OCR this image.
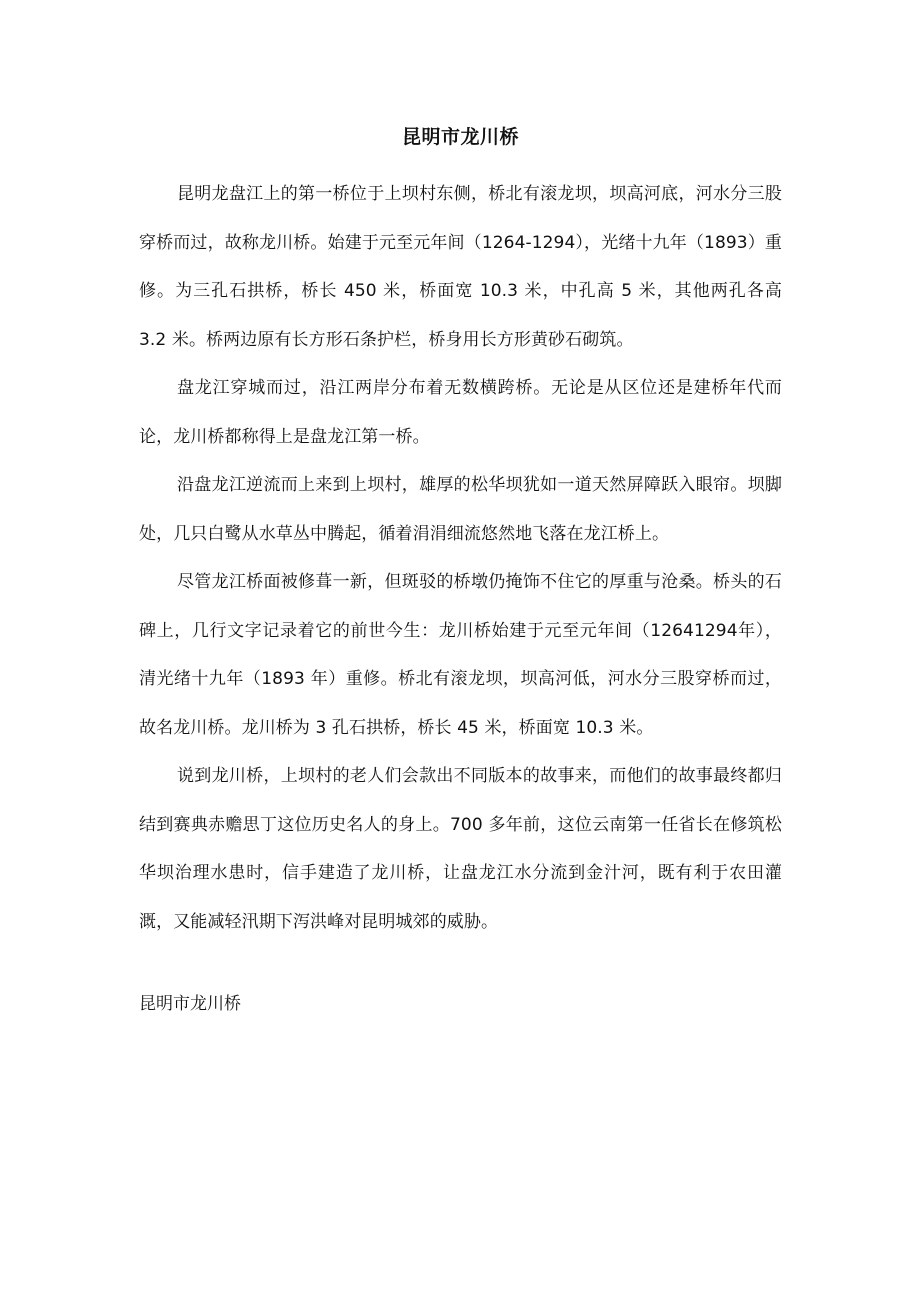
昆明市龙川桥

昆明龙盘江上的第一桥位于上坝村东侧，桥北有滚龙坝，坝高河底，河水分三股穿桥而过，故称龙川桥。始建于元至元年间（1264-1294），光绪十九年（1893）重修。为三孔石拱桥，桥长 450 米，桥面宽 10.3 米，中孔高 5 米，其他两孔各高 3.2 米。桥两边原有长方形石条护栏，桥身用长方形黄砂石砌筑。

盘龙江穿城而过，沿江两岸分布着无数横跨桥。无论是从区位还是建桥年代而论，龙川桥都称得上是盘龙江第一桥。

沿盘龙江逆流而上来到上坝村，雄厚的松华坝犹如一道天然屏障跃入眼帘。坝脚处，几只白鹭从水草丛中腾起，循着涓涓细流悠然地飞落在龙江桥上。

尽管龙江桥面被修葺一新，但斑驳的桥墩仍掩饰不住它的厚重与沧桑。桥头的石碑上，几行文字记录着它的前世今生：龙川桥始建于元至元年间（12641294年），清光绪十九年（1893 年）重修。桥北有滚龙坝，坝高河低，河水分三股穿桥而过，故名龙川桥。龙川桥为 3 孔石拱桥，桥长 45 米，桥面宽 10.3 米。

说到龙川桥，上坝村的老人们会款出不同版本的故事来，而他们的故事最终都归结到赛典赤赡思丁这位历史名人的身上。700 多年前，这位云南第一任省长在修筑松华坝治理水患时，信手建造了龙川桥，让盘龙江水分流到金汁河，既有利于农田灌溉，又能减轻汛期下泻洪峰对昆明城郊的威胁。

昆明市龙川桥
